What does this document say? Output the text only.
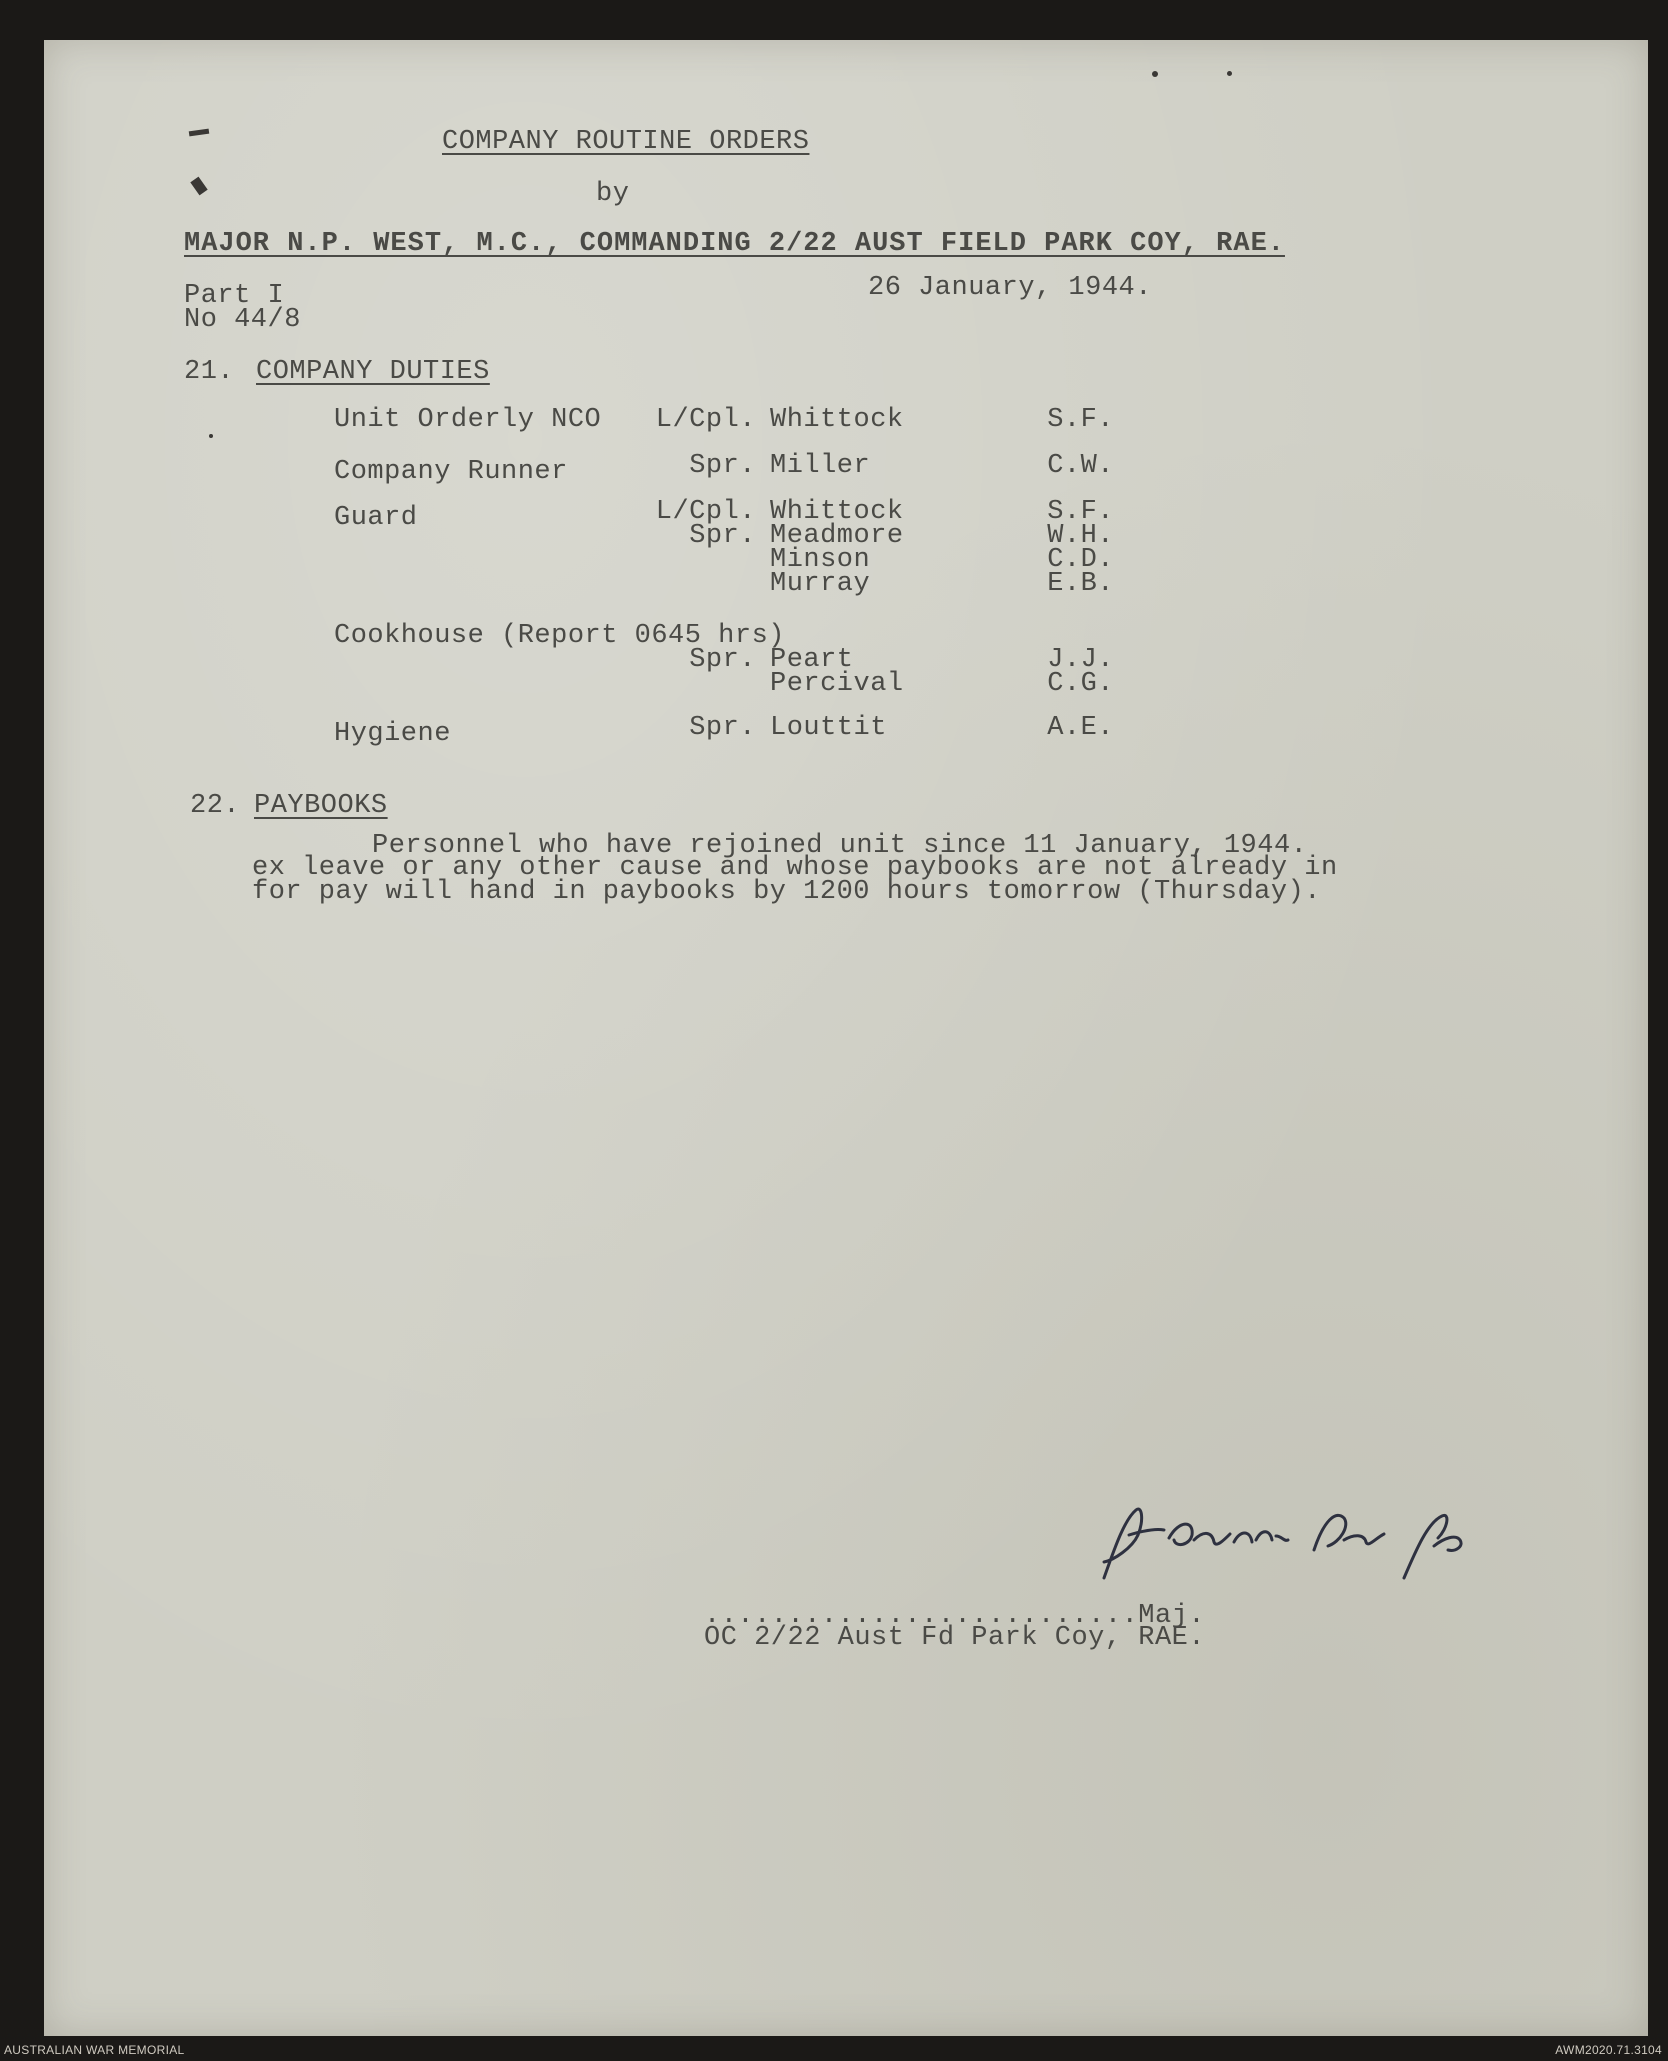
COMPANY ROUTINE ORDERS
by
MAJOR N.P. WEST, M.C., COMMANDING 2/22 AUST FIELD PARK COY, RAE.
Part I
No 44/8
26 January, 1944.
21. COMPANY DUTIES
Unit Orderly NCO	L/Cpl. Whittock	S.F.
Company Runner	Spr. Miller	C.W.
Guard	L/Cpl. Whittock	S.F.
Spr. Meadmore	W.H.
Minson	C.D.
Murray	E.B.
Cookhouse (Report 0645 hrs)
Spr. Peart	J.J.
Percival	C.G.
Hygiene	Spr. Louttit	A.E.
22. PAYBOOKS
Personnel who have rejoined unit since 11 January, 1944.
ex leave or any other cause and whose paybooks are not already in
for pay will hand in paybooks by 1200 hours tomorrow (Thursday).
..........................Maj.
OC 2/22 Aust Fd Park Coy, RAE.
AUSTRALIAN WAR MEMORIAL	AWM2020.71.3104
